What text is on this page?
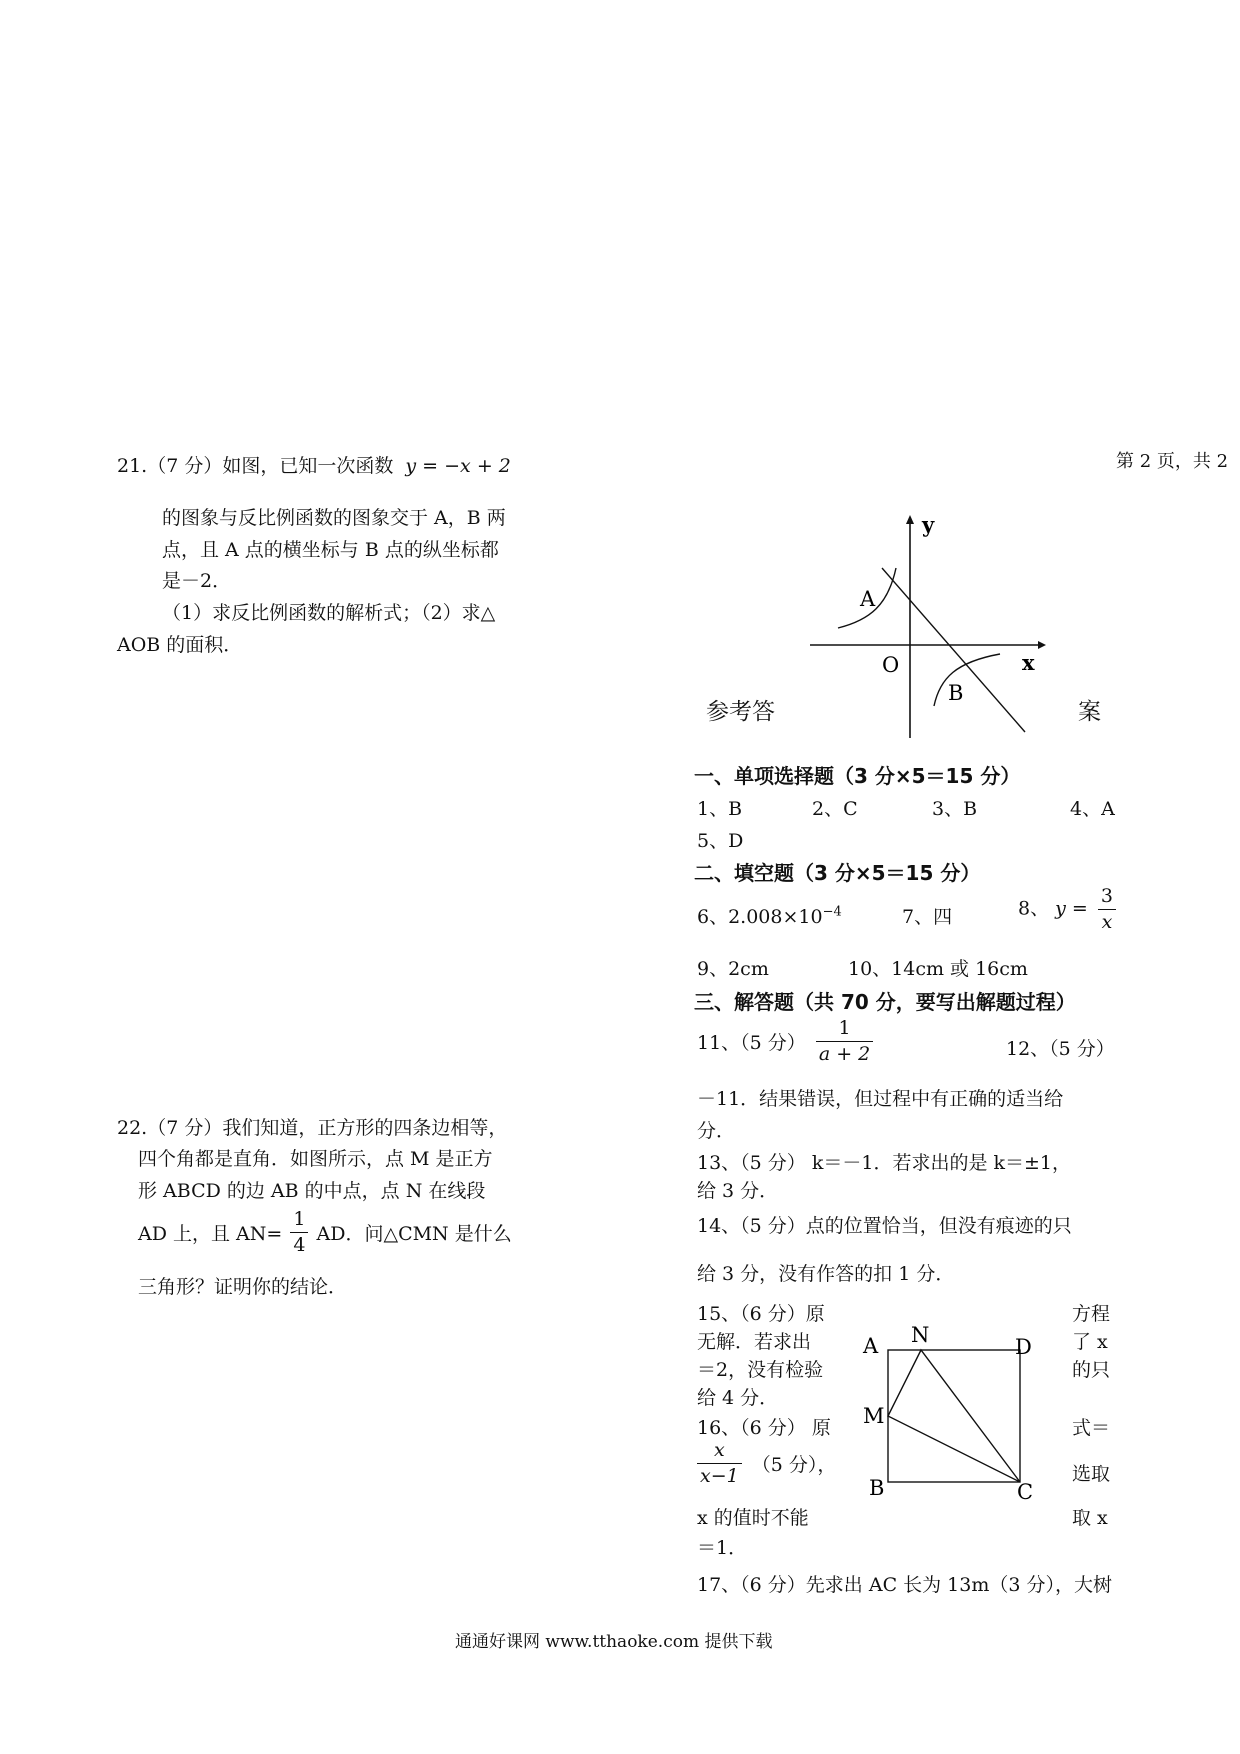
第 2 页，共 2
21.（7 分）如图，已知一次函数 y = −x + 2
的图象与反比例函数的图象交于 A，B 两
点，且 A 点的横坐标与 B 点的纵坐标都
是－2．
（1）求反比例函数的解析式；（2）求△
AOB 的面积．
y
x
O
A
B
参考答	案
一、单项选择题（3 分×5＝15 分）
1、B	2、C	3、B	4、A
5、D
二、填空题（3 分×5＝15 分）
6、$2.008\times 10^{-4}$	7、四	8、 $y = \frac{3}{x}$
9、2cm	10、14cm 或 16cm
三、解答题（共 70 分，要写出解题过程）
11、（5 分） $\frac{1}{a + 2}$	12、（5 分）
－11．结果错误，但过程中有正确的适当给
分．
13、（5 分） k＝－1．若求出的是 k＝±1，
给 3 分．
14、（5 分）点的位置恰当，但没有痕迹的只
给 3 分，没有作答的扣 1 分．
15、（6 分）原
无解．若求出
＝2，没有检验
给 4 分．
16、（6 分） 原
$\frac{x}{x-1} (5$ 分），
x 的值时不能
＝1．
方程
了 x
的只
式＝
选取
取 x
A N	D
M
B	C
17、（6 分）先求出 AC 长为 13m（3 分），大树
22.（7 分）我们知道，正方形的四条边相等，
四个角都是直角．如图所示，点 M 是正方
形 ABCD 的边 AB 的中点，点 N 在线段
AD 上，且 $AN= \frac{1}{4}$ AD．问△CMN 是什么
三角形？证明你的结论．
通通好课网 www.tthaoke.com 提供下载
